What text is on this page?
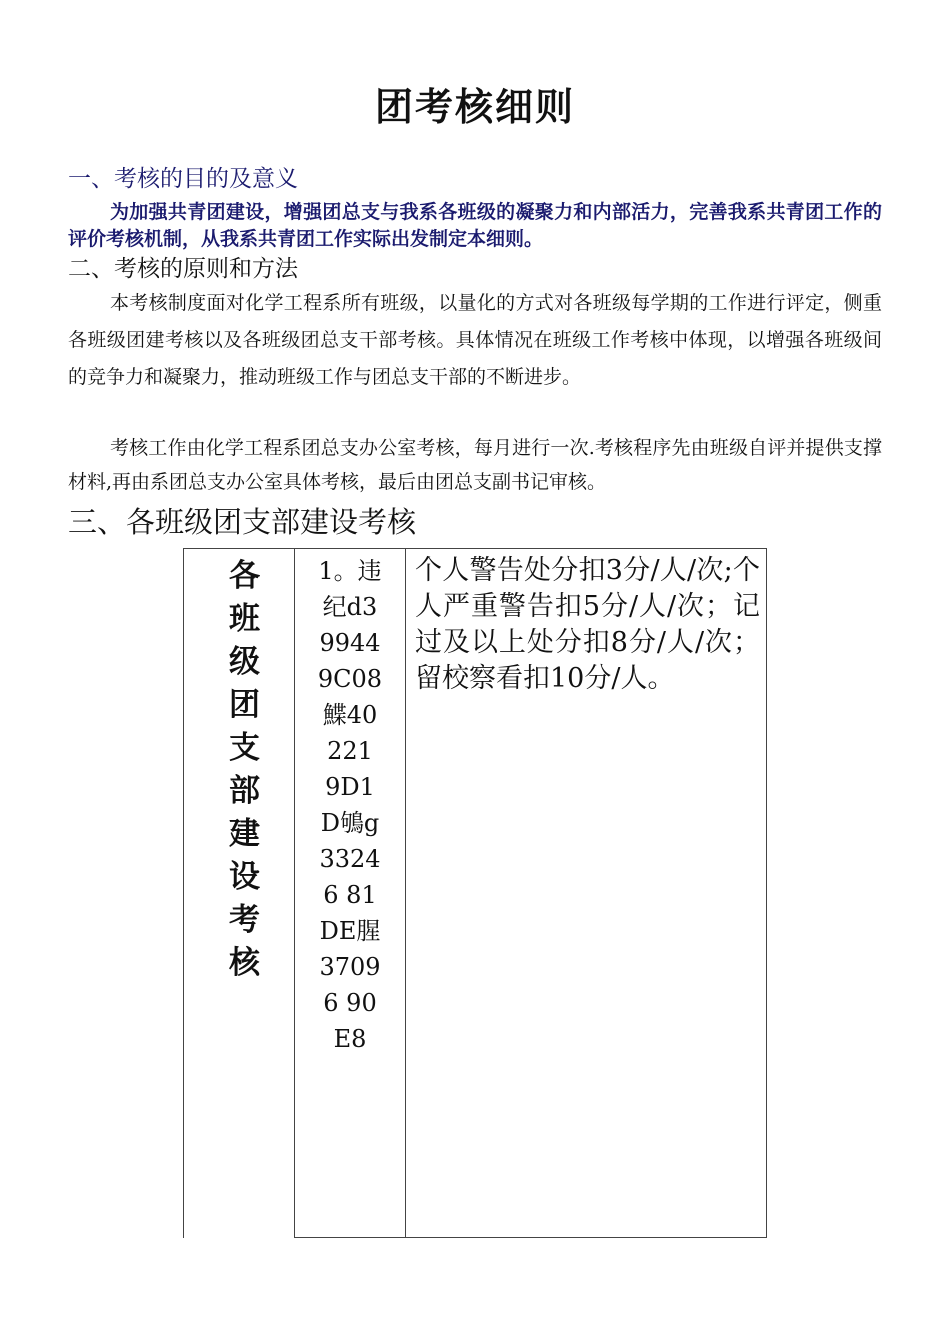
团考核细则
一、考核的目的及意义
为加强共青团建设，增强团总支与我系各班级的凝聚力和内部活力，完善我系共青团工作的评价考核机制，从我系共青团工作实际出发制定本细则。
二、考核的原则和方法
本考核制度面对化学工程系所有班级，以量化的方式对各班级每学期的工作进行评定，侧重各班级团建考核以及各班级团总支干部考核。具体情况在班级工作考核中体现，以增强各班级间的竞争力和凝聚力，推动班级工作与团总支干部的不断进步。
考核工作由化学工程系团总支办公室考核，每月进行一次.考核程序先由班级自评并提供支撑材料,再由系团总支办公室具体考核，最后由团总支副书记审核。
三、各班级团支部建设考核
各班级团支部建设考核

1。违纪d39944 9C08鰈40221 9D1D鴝g33246 81DE腥37096 90E8

个人警告处分扣3分/人/次;个人严重警告扣5分/人/次；记过及以上处分扣8分/人/次；留校察看扣10分/人。
